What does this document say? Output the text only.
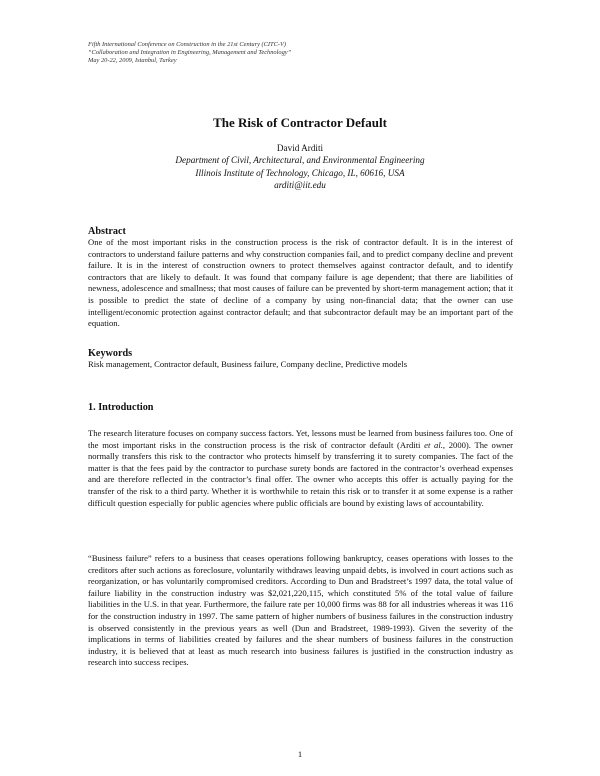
Fifth International Conference on Construction in the 21st Century (CITC-V)
“Collaboration and Integration in Engineering, Management and Technology”
May 20-22, 2009, Istanbul, Turkey
The Risk of Contractor Default
David Arditi
Department of Civil, Architectural, and Environmental Engineering
Illinois Institute of Technology, Chicago, IL, 60616, USA
arditi@iit.edu
Abstract
One of the most important risks in the construction process is the risk of contractor default. It is in the interest of contractors to understand failure patterns and why construction companies fail, and to predict company decline and prevent failure. It is in the interest of construction owners to protect themselves against contractor default, and to identify contractors that are likely to default. It was found that company failure is age dependent; that there are liabilities of newness, adolescence and smallness; that most causes of failure can be prevented by short-term management action; that it is possible to predict the state of decline of a company by using non-financial data; that the owner can use intelligent/economic protection against contractor default; and that subcontractor default may be an important part of the equation.
Keywords
Risk management, Contractor default, Business failure, Company decline, Predictive models
1. Introduction
The research literature focuses on company success factors. Yet, lessons must be learned from business failures too. One of the most important risks in the construction process is the risk of contractor default (Arditi et al., 2000). The owner normally transfers this risk to the contractor who protects himself by transferring it to surety companies. The fact of the matter is that the fees paid by the contractor to purchase surety bonds are factored in the contractor’s overhead expenses and are therefore reflected in the contractor’s final offer. The owner who accepts this offer is actually paying for the transfer of the risk to a third party. Whether it is worthwhile to retain this risk or to transfer it at some expense is a rather difficult question especially for public agencies where public officials are bound by existing laws of accountability.
“Business failure” refers to a business that ceases operations following bankruptcy, ceases operations with losses to the creditors after such actions as foreclosure, voluntarily withdraws leaving unpaid debts, is involved in court actions such as reorganization, or has voluntarily compromised creditors. According to Dun and Bradstreet’s 1997 data, the total value of failure liability in the construction industry was $2,021,220,115, which constituted 5% of the total value of failure liabilities in the U.S. in that year. Furthermore, the failure rate per 10,000 firms was 88 for all industries whereas it was 116 for the construction industry in 1997. The same pattern of higher numbers of business failures in the construction industry is observed consistently in the previous years as well (Dun and Bradstreet, 1989-1993). Given the severity of the implications in terms of liabilities created by failures and the shear numbers of business failures in the construction industry, it is believed that at least as much research into business failures is justified in the construction industry as research into success recipes.
1
